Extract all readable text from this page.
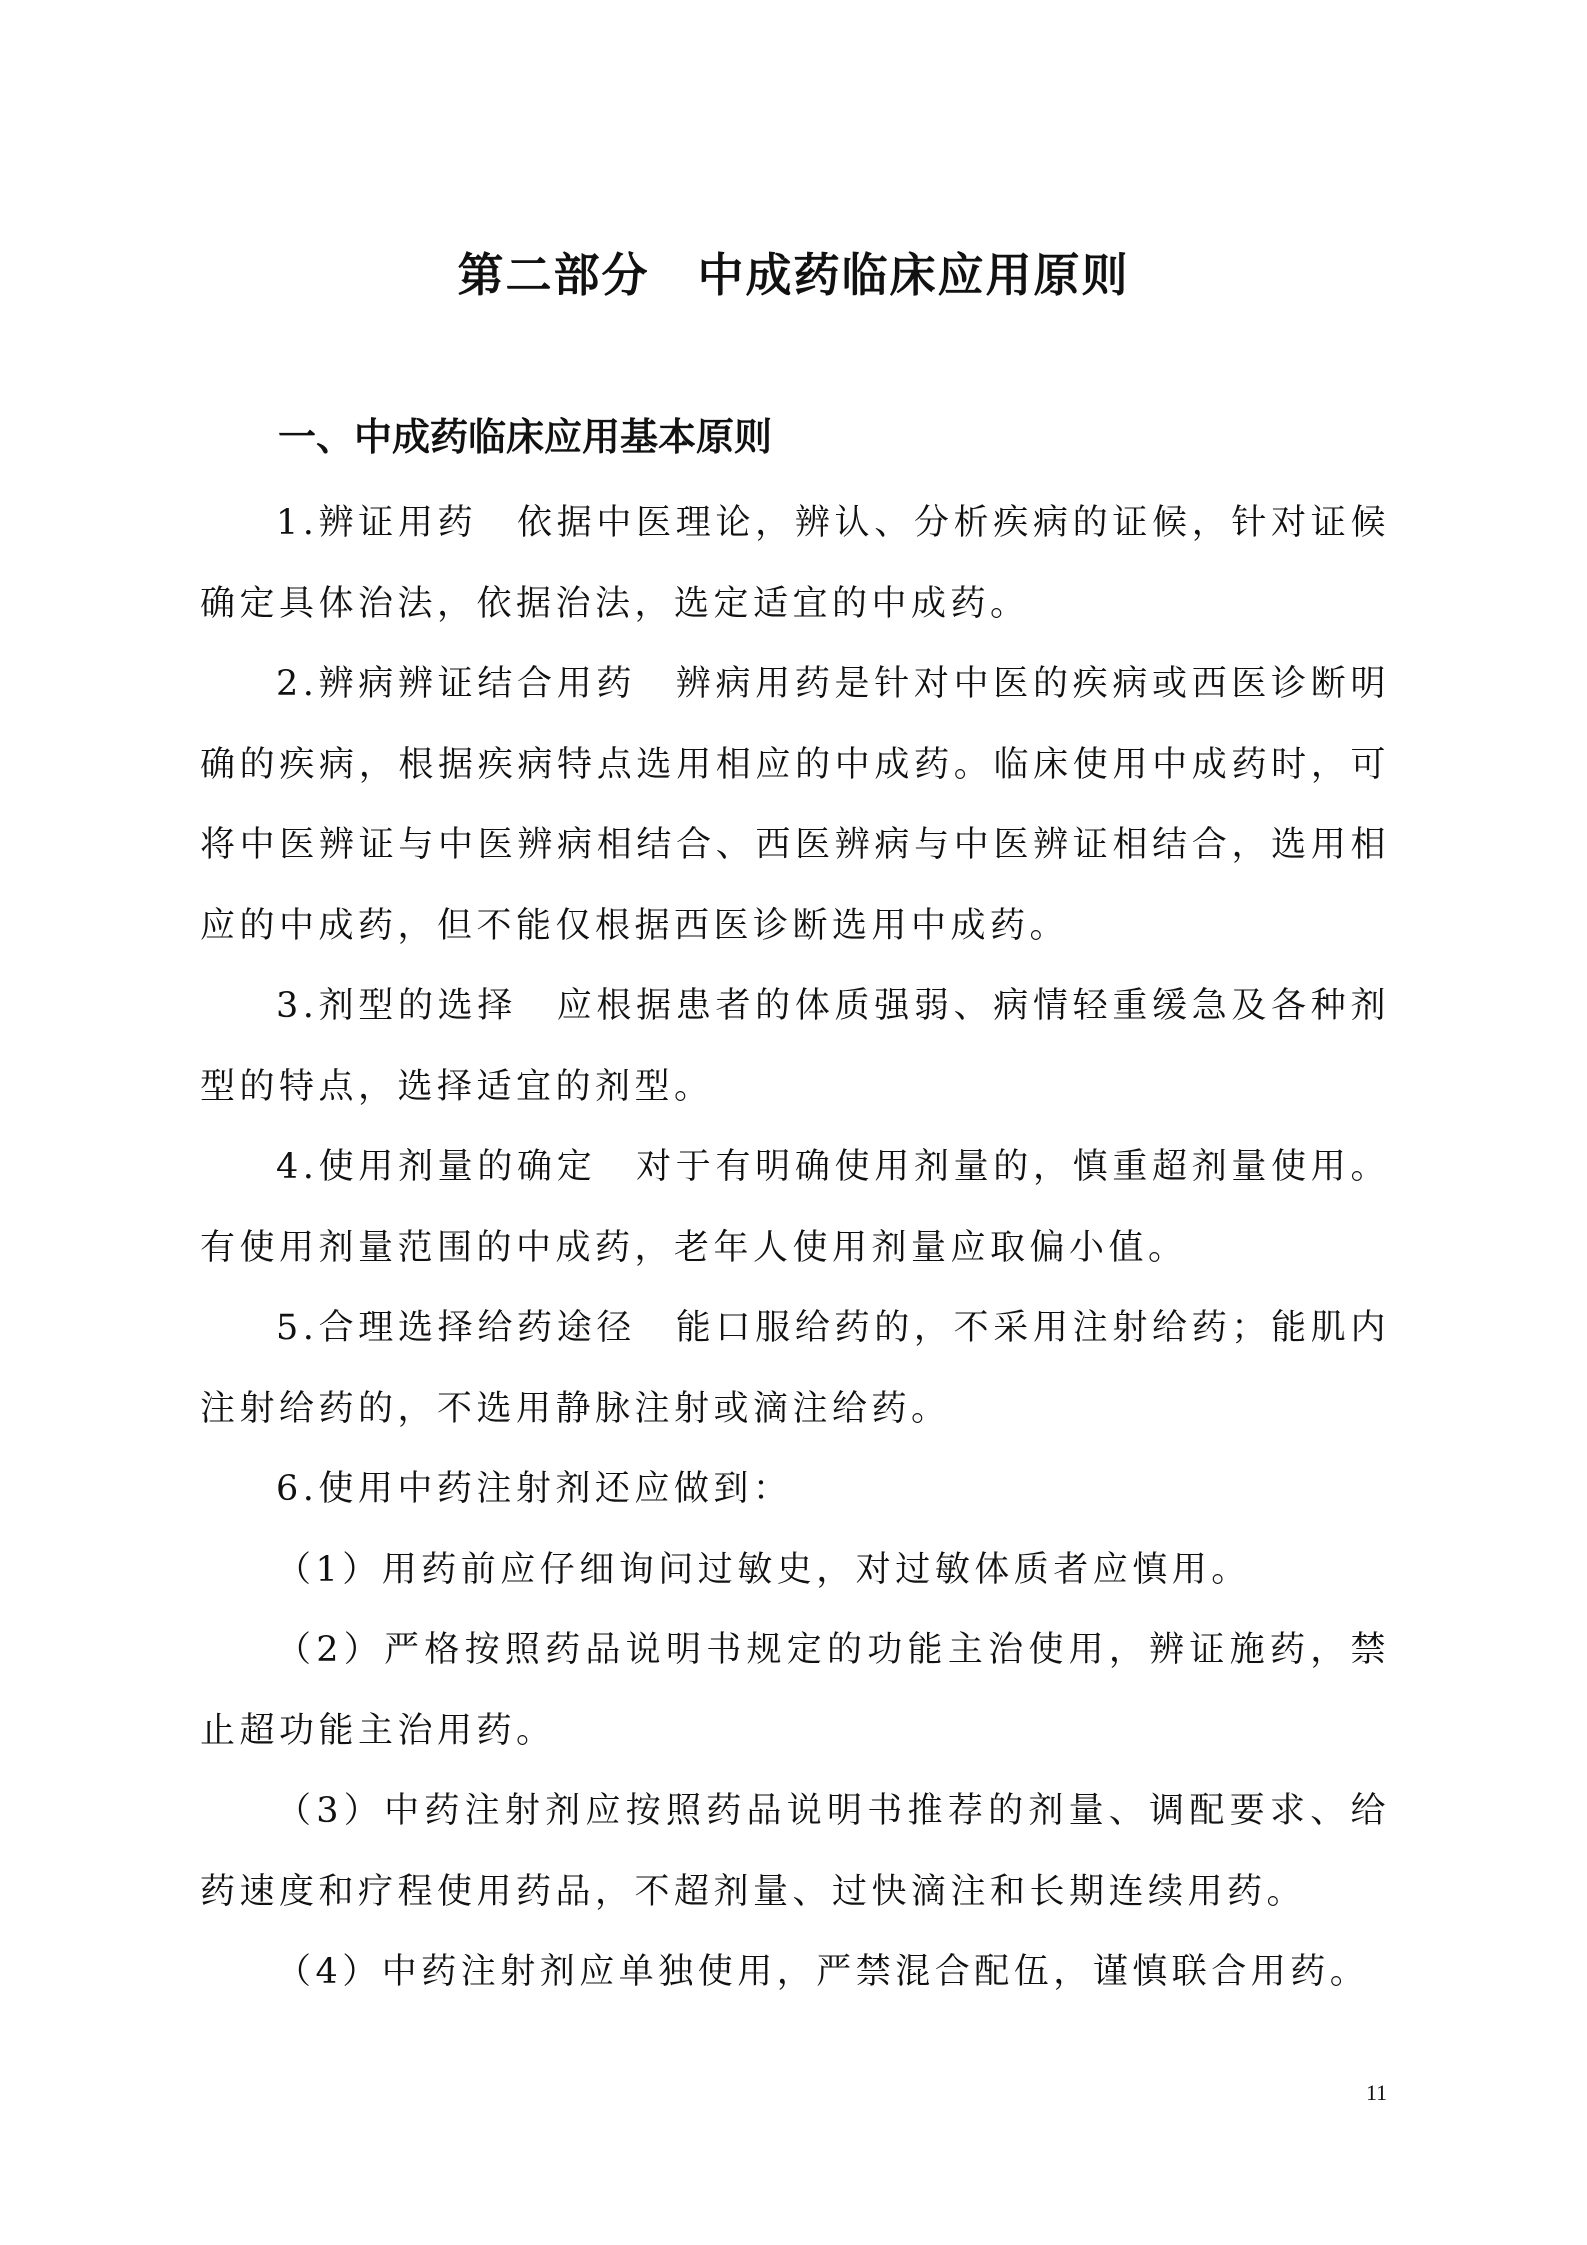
第二部分　中成药临床应用原则
一、中成药临床应用基本原则

1.辨证用药　依据中医理论，辨认、分析疾病的证候，针对证候确定具体治法，依据治法，选定适宜的中成药。

2.辨病辨证结合用药　辨病用药是针对中医的疾病或西医诊断明确的疾病，根据疾病特点选用相应的中成药。临床使用中成药时，可将中医辨证与中医辨病相结合、西医辨病与中医辨证相结合，选用相应的中成药，但不能仅根据西医诊断选用中成药。

3.剂型的选择　应根据患者的体质强弱、病情轻重缓急及各种剂型的特点，选择适宜的剂型。

4.使用剂量的确定　对于有明确使用剂量的，慎重超剂量使用。有使用剂量范围的中成药，老年人使用剂量应取偏小值。

5.合理选择给药途径　能口服给药的，不采用注射给药；能肌内注射给药的，不选用静脉注射或滴注给药。

6.使用中药注射剂还应做到：

（1）用药前应仔细询问过敏史，对过敏体质者应慎用。

（2）严格按照药品说明书规定的功能主治使用，辨证施药，禁止超功能主治用药。

（3）中药注射剂应按照药品说明书推荐的剂量、调配要求、给药速度和疗程使用药品，不超剂量、过快滴注和长期连续用药。

（4）中药注射剂应单独使用，严禁混合配伍，谨慎联合用药。

11
